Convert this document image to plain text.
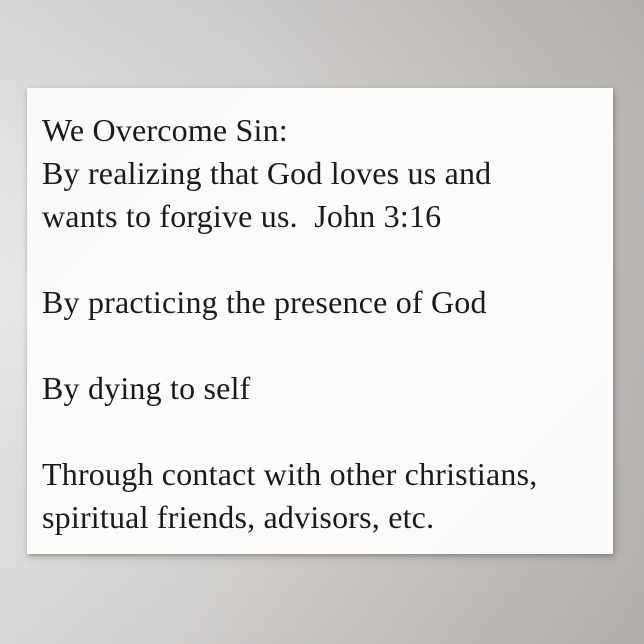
We Overcome Sin:
By realizing that God loves us and
wants to forgive us.  John 3:16
By practicing the presence of God
By dying to self
Through contact with other christians,
spiritual friends, advisors, etc.
